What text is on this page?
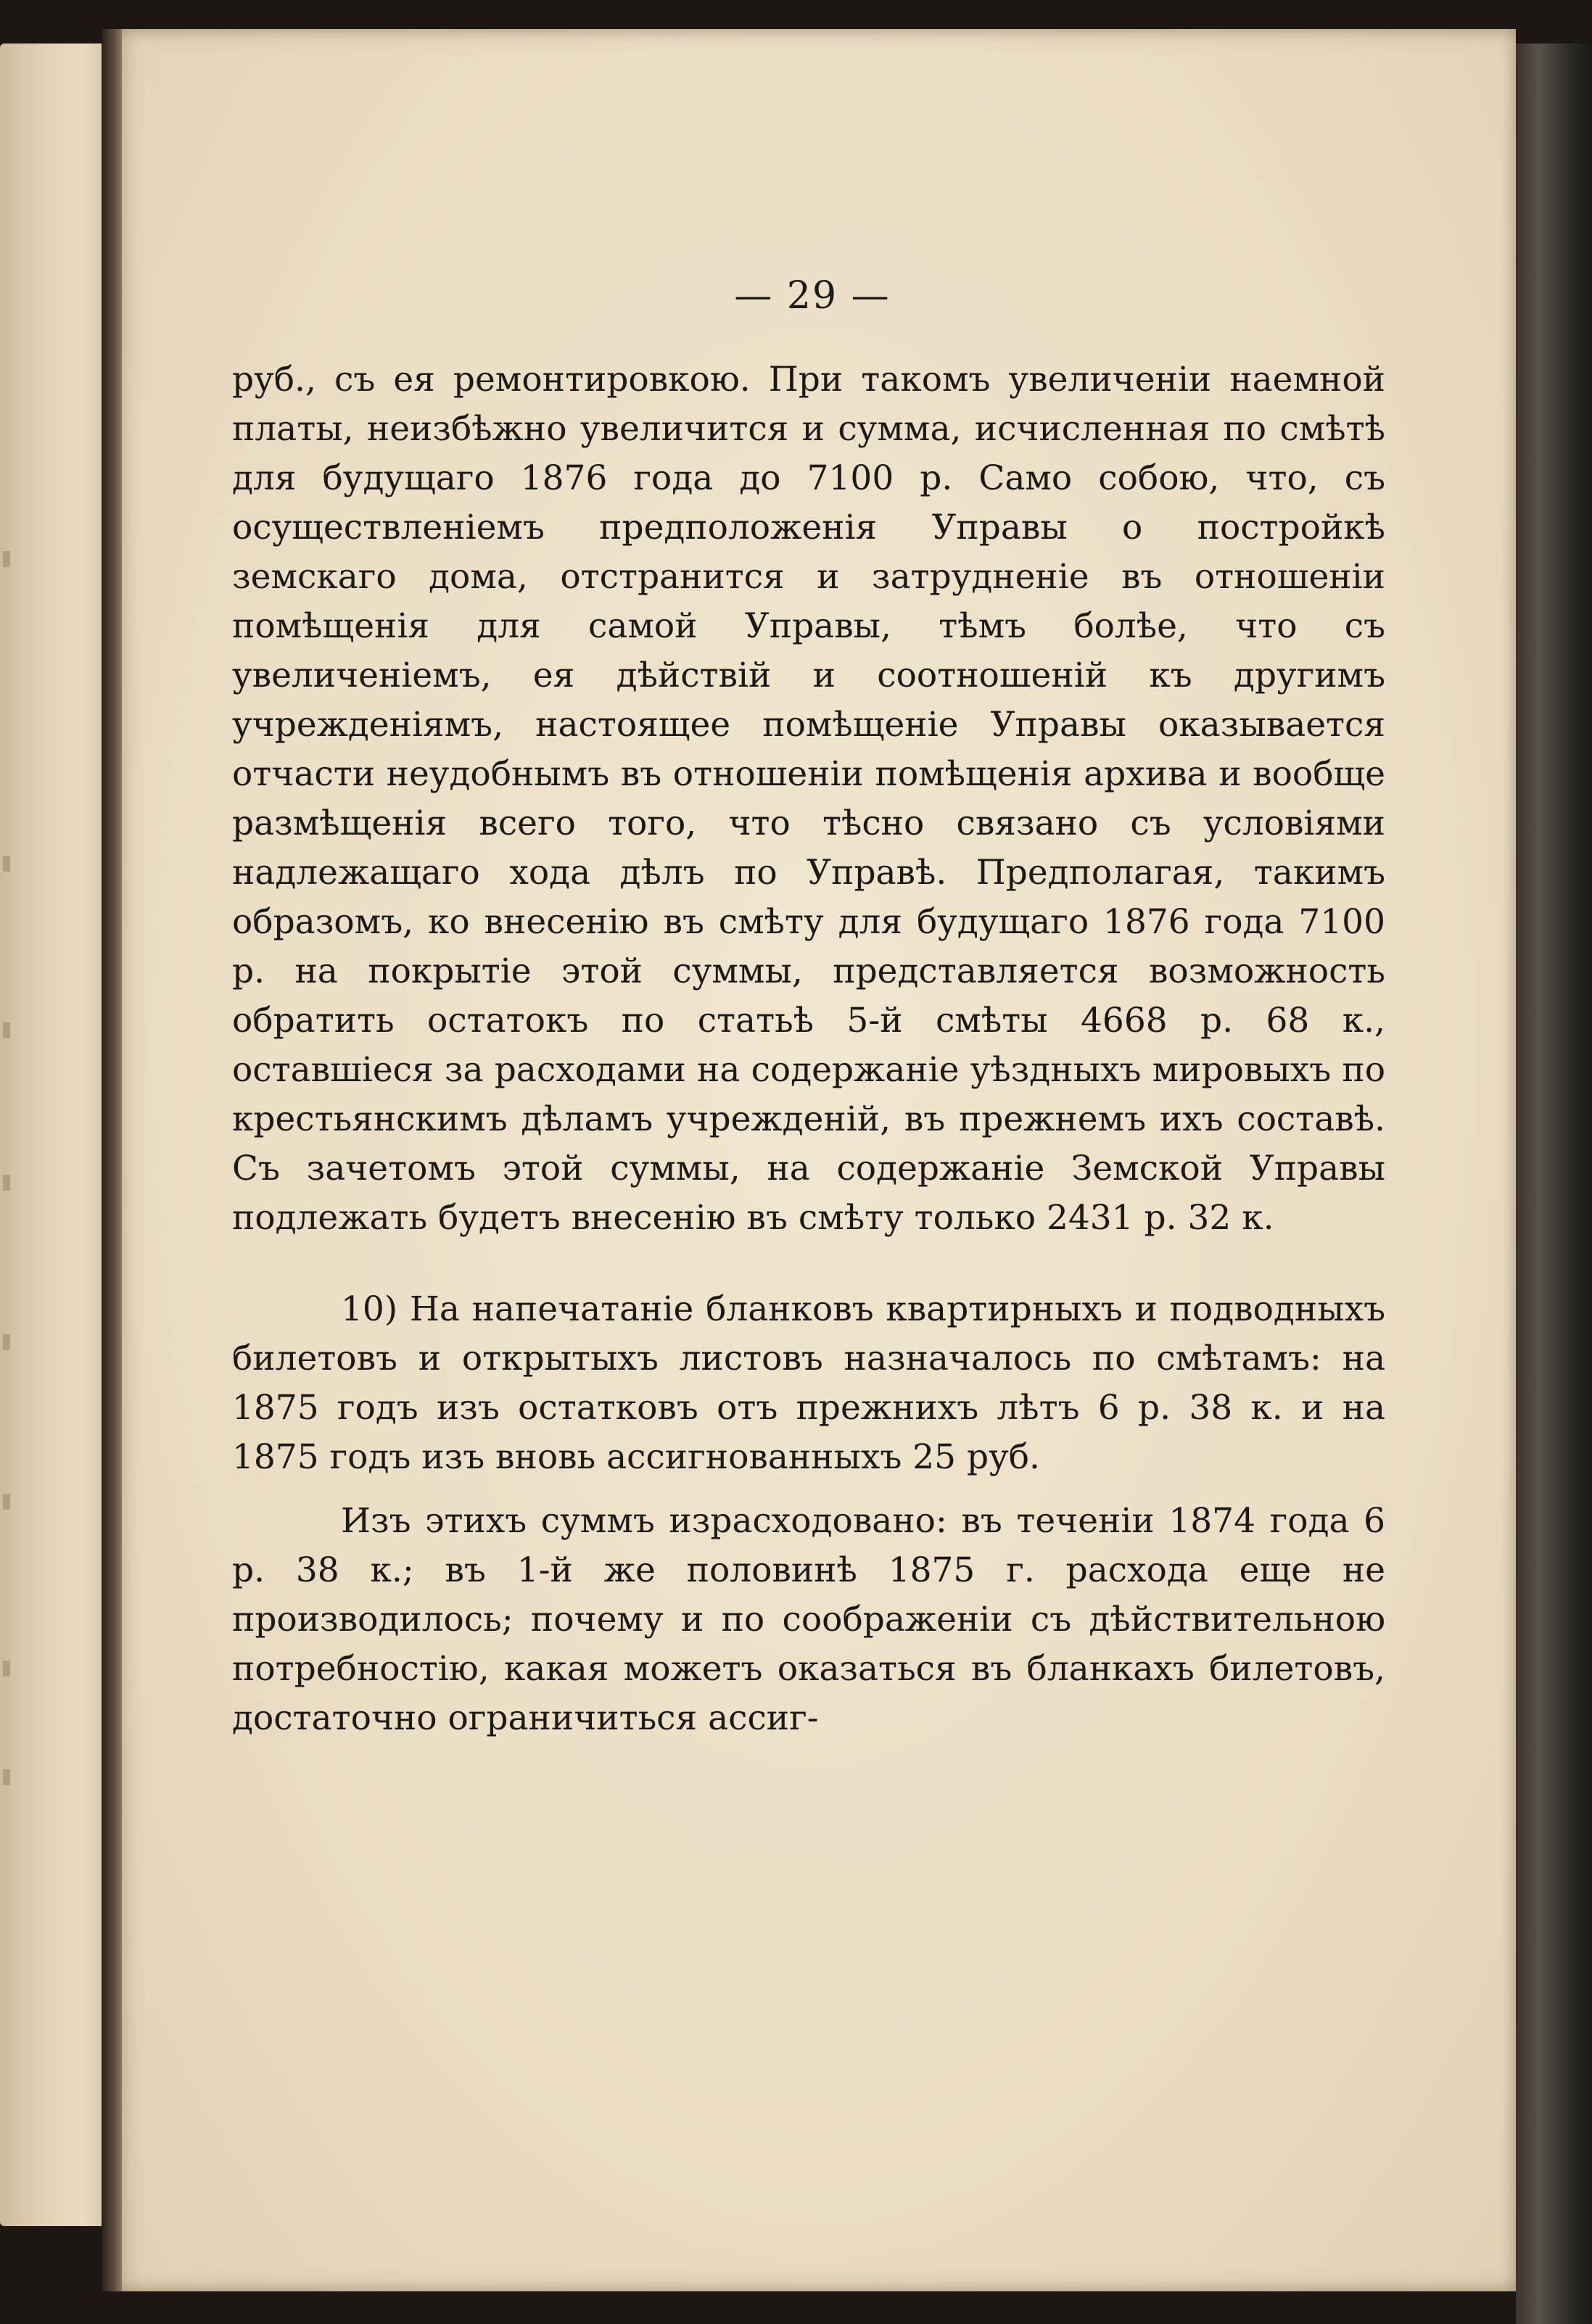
— 29 —

руб., съ ея ремонтировкою. При такомъ увеличенiи наемной платы, неизбѣжно увеличится и сумма, исчисленная по смѣтѣ для будущаго 1876 года до 7100 р. Само собою, что, съ осуществленiемъ предположенiя Управы о постройкѣ земскаго дома, отстранится и затрудненiе въ отношенiи помѣщенiя для самой Управы, тѣмъ болѣе, что съ увеличенiемъ, ея дѣйствiй и соотношенiй къ другимъ учрежденiямъ, настоящее помѣщенiе Управы оказывается отчасти неудобнымъ въ отношенiи помѣщенiя архива и вообще размѣщенiя всего того, что тѣсно связано съ условiями надлежащаго хода дѣлъ по Управѣ. Предполагая, такимъ образомъ, ко внесенiю въ смѣту для будущаго 1876 года 7100 р. на покрытiе этой суммы, представляется возможность обратить остатокъ по статьѣ 5-й смѣты 4668 р. 68 к., оставшiеся за расходами на содержанiе уѣздныхъ мировыхъ по крестьянскимъ дѣламъ учрежденiй, въ прежнемъ ихъ составѣ. Съ зачетомъ этой суммы, на содержанiе Земской Управы подлежать будетъ внесенiю въ смѣту только 2431 р. 32 к.

10) На напечатанiе бланковъ квартирныхъ и подводныхъ билетовъ и открытыхъ листовъ назначалось по смѣтамъ: на 1875 годъ изъ остатковъ отъ прежнихъ лѣтъ 6 р. 38 к. и на 1875 годъ изъ вновь ассигнованныхъ 25 руб.

Изъ этихъ суммъ израсходовано: въ теченiи 1874 года 6 р. 38 к.; въ 1-й же половинѣ 1875 г. расхода еще не производилось; почему и по соображенiи съ дѣйствительною потребностiю, какая можетъ оказаться въ бланкахъ билетовъ, достаточно ограничиться ассиг-
